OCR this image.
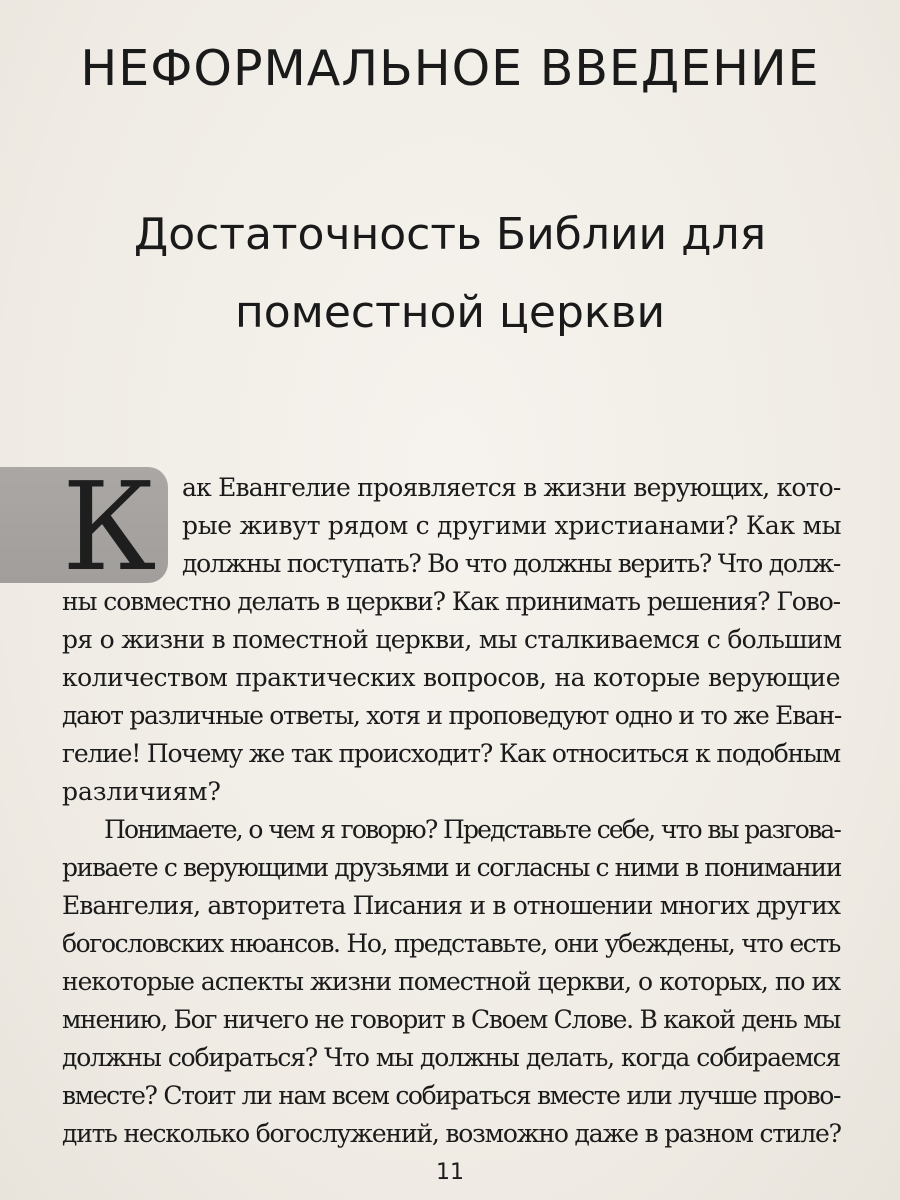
НЕФОРМАЛЬНОЕ ВВЕДЕНИЕ
Достаточность Библии для
поместной церкви
К ак Евангелие проявляется в жизни верующих, кото-
рые живут рядом с другими христианами? Как мы
должны поступать? Во что должны верить? Что долж-
ны совместно делать в церкви? Как принимать решения? Гово-
ря о жизни в поместной церкви, мы сталкиваемся с большим
количеством практических вопросов, на которые верующие
дают различные ответы, хотя и проповедуют одно и то же Еван-
гелие! Почему же так происходит? Как относиться к подобным
различиям?
Понимаете, о чем я говорю? Представьте себе, что вы разгова-
риваете с верующими друзьями и согласны с ними в понимании
Евангелия, авторитета Писания и в отношении многих других
богословских нюансов. Но, представьте, они убеждены, что есть
некоторые аспекты жизни поместной церкви, о которых, по их
мнению, Бог ничего не говорит в Своем Слове. В какой день мы
должны собираться? Что мы должны делать, когда собираемся
вместе? Стоит ли нам всем собираться вместе или лучше прово-
дить несколько богослужений, возможно даже в разном стиле?
11
